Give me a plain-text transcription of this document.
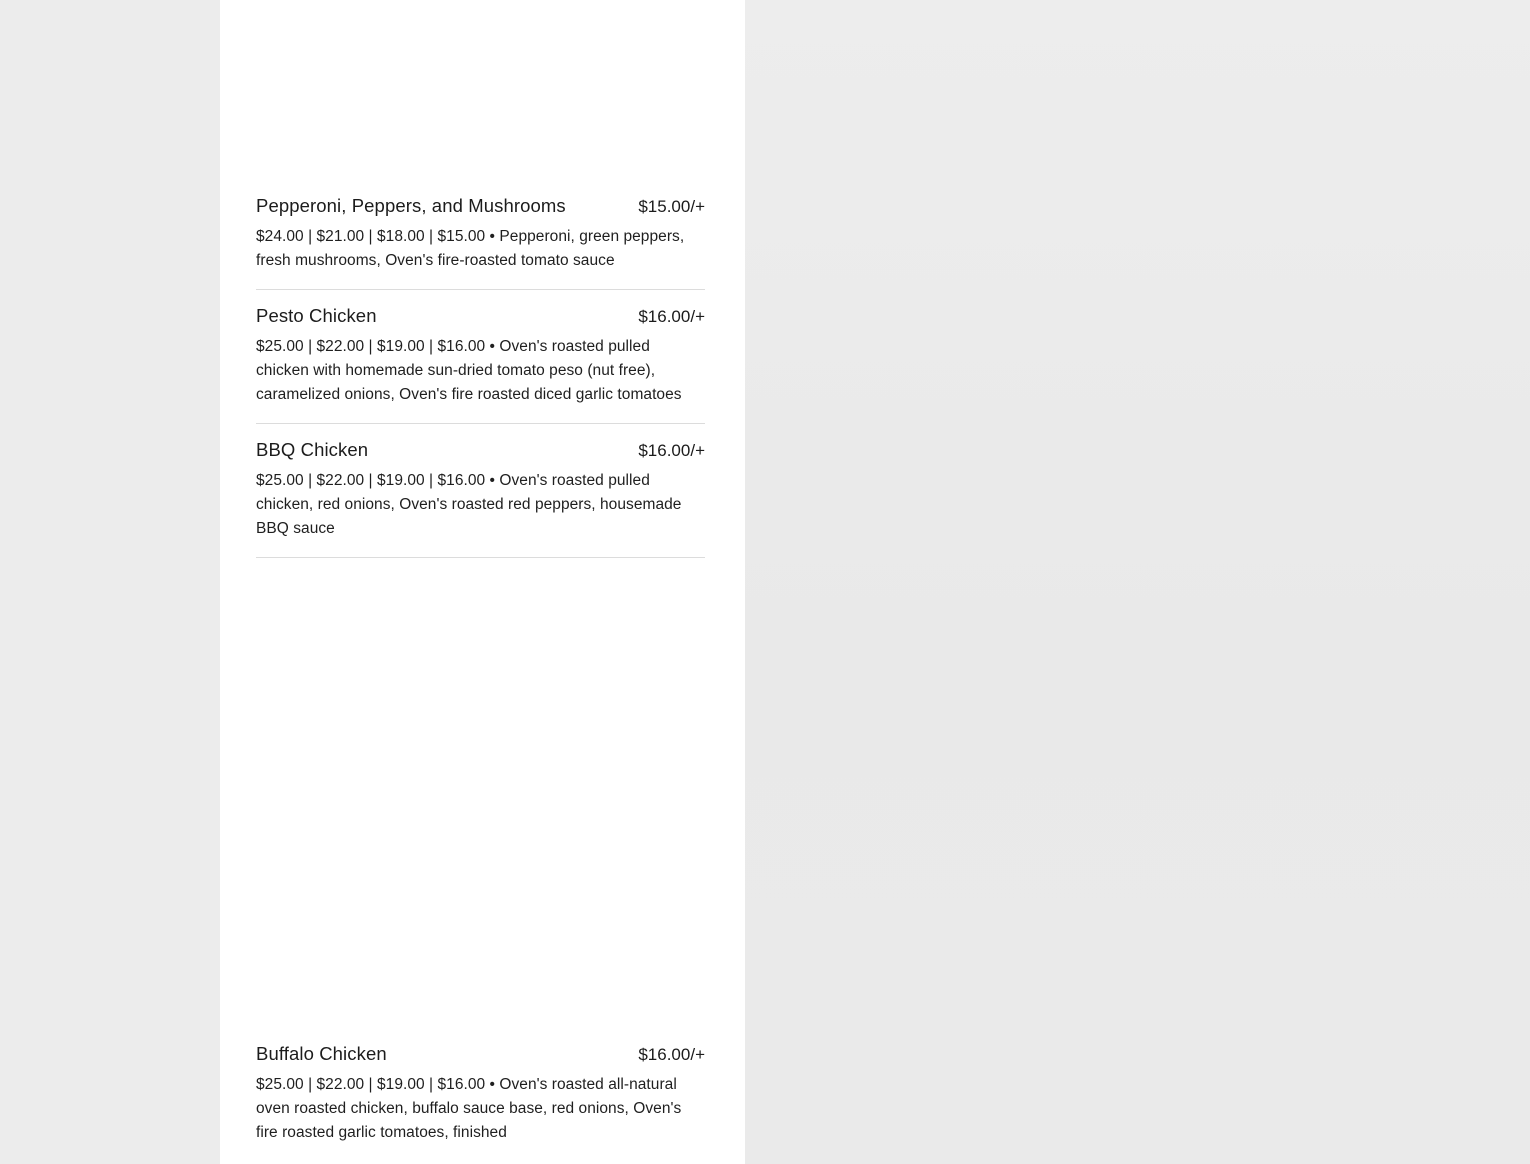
Pepperoni, Peppers, and Mushrooms	$15.00/+
$24.00 | $21.00 | $18.00 | $15.00 • Pepperoni, green peppers, fresh mushrooms, Oven's fire-roasted tomato sauce
Pesto Chicken	$16.00/+
$25.00 | $22.00 | $19.00 | $16.00 • Oven's roasted pulled chicken with homemade sun-dried tomato peso (nut free), caramelized onions, Oven's fire roasted diced garlic tomatoes
BBQ Chicken	$16.00/+
$25.00 | $22.00 | $19.00 | $16.00 • Oven's roasted pulled chicken, red onions, Oven's roasted red peppers, housemade BBQ sauce
Buffalo Chicken	$16.00/+
$25.00 | $22.00 | $19.00 | $16.00 • Oven's roasted all-natural oven roasted chicken, buffalo sauce base, red onions, Oven's fire roasted garlic tomatoes, finished
